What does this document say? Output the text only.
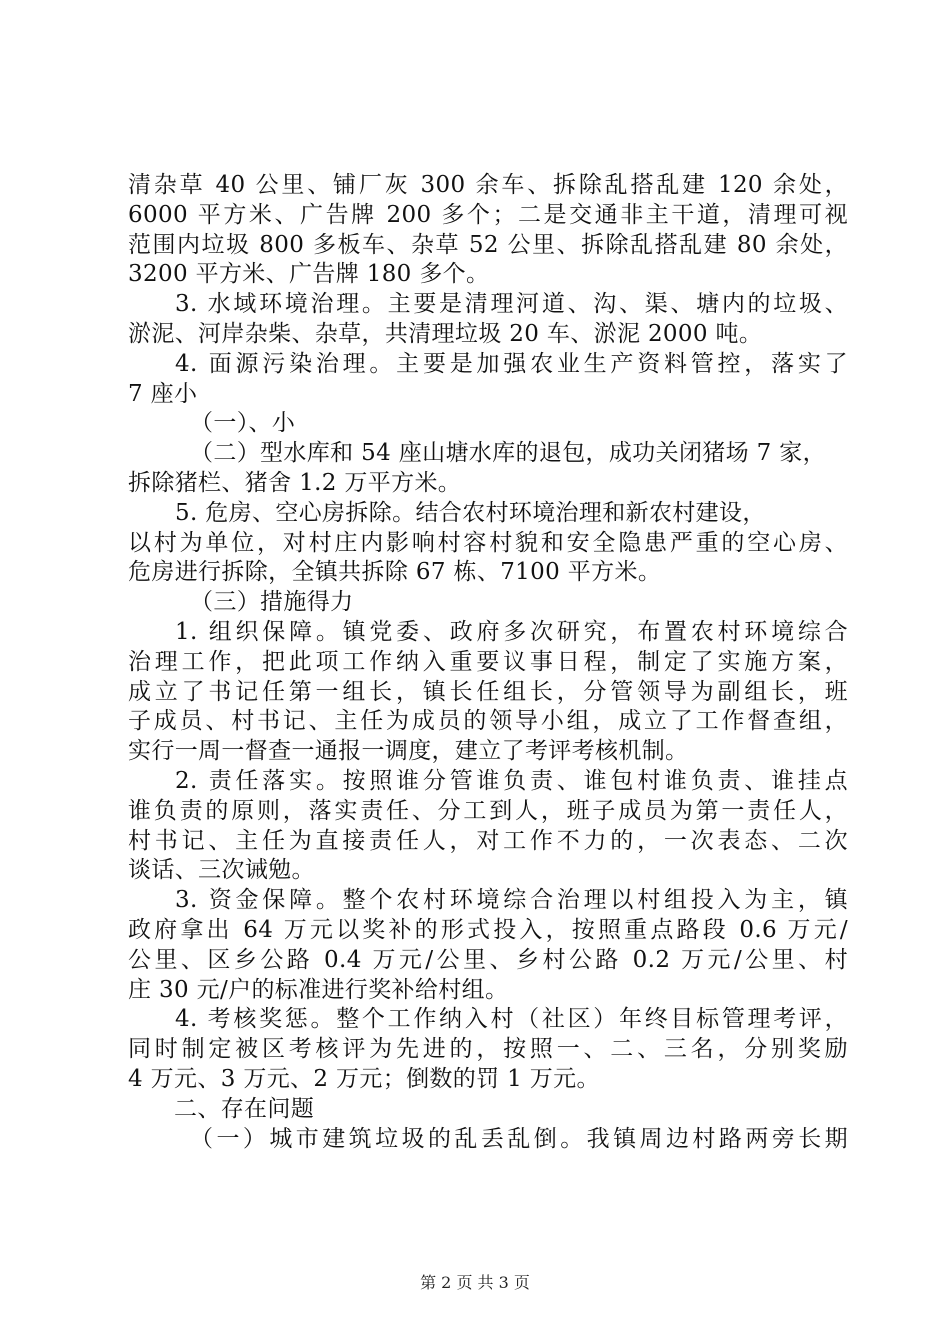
清杂草 40 公里、铺厂灰 300 余车、拆除乱搭乱建 120 余处，
6000 平方米、广告牌 200 多个；二是交通非主干道，清理可视
范围内垃圾 800 多板车、杂草 52 公里、拆除乱搭乱建 80 余处，
3200 平方米、广告牌 180 多个。
3. 水域环境治理。主要是清理河道、沟、渠、塘内的垃圾、
淤泥、河岸杂柴、杂草，共清理垃圾 20 车、淤泥 2000 吨。
4. 面源污染治理。主要是加强农业生产资料管控，落实了
7 座小
（一）、小
（二）型水库和 54 座山塘水库的退包，成功关闭猪场 7 家，
拆除猪栏、猪舍 1.2 万平方米。
5. 危房、空心房拆除。结合农村环境治理和新农村建设，
以村为单位，对村庄内影响村容村貌和安全隐患严重的空心房、
危房进行拆除，全镇共拆除 67 栋、7100 平方米。
（三）措施得力
1. 组织保障。镇党委、政府多次研究，布置农村环境综合
治理工作，把此项工作纳入重要议事日程，制定了实施方案，
成立了书记任第一组长，镇长任组长，分管领导为副组长，班
子成员、村书记、主任为成员的领导小组，成立了工作督查组，
实行一周一督查一通报一调度，建立了考评考核机制。
2. 责任落实。按照谁分管谁负责、谁包村谁负责、谁挂点
谁负责的原则，落实责任、分工到人，班子成员为第一责任人，
村书记、主任为直接责任人，对工作不力的，一次表态、二次
谈话、三次诫勉。
3. 资金保障。整个农村环境综合治理以村组投入为主，镇
政府拿出 64 万元以奖补的形式投入，按照重点路段 0.6 万元/
公里、区乡公路 0.4 万元/公里、乡村公路 0.2 万元/公里、村
庄 30 元/户的标准进行奖补给村组。
4. 考核奖惩。整个工作纳入村（社区）年终目标管理考评，
同时制定被区考核评为先进的，按照一、二、三名，分别奖励
4 万元、3 万元、2 万元；倒数的罚 1 万元。
二、存在问题
（一）城市建筑垃圾的乱丢乱倒。我镇周边村路两旁长期
第 2 页 共 3 页
